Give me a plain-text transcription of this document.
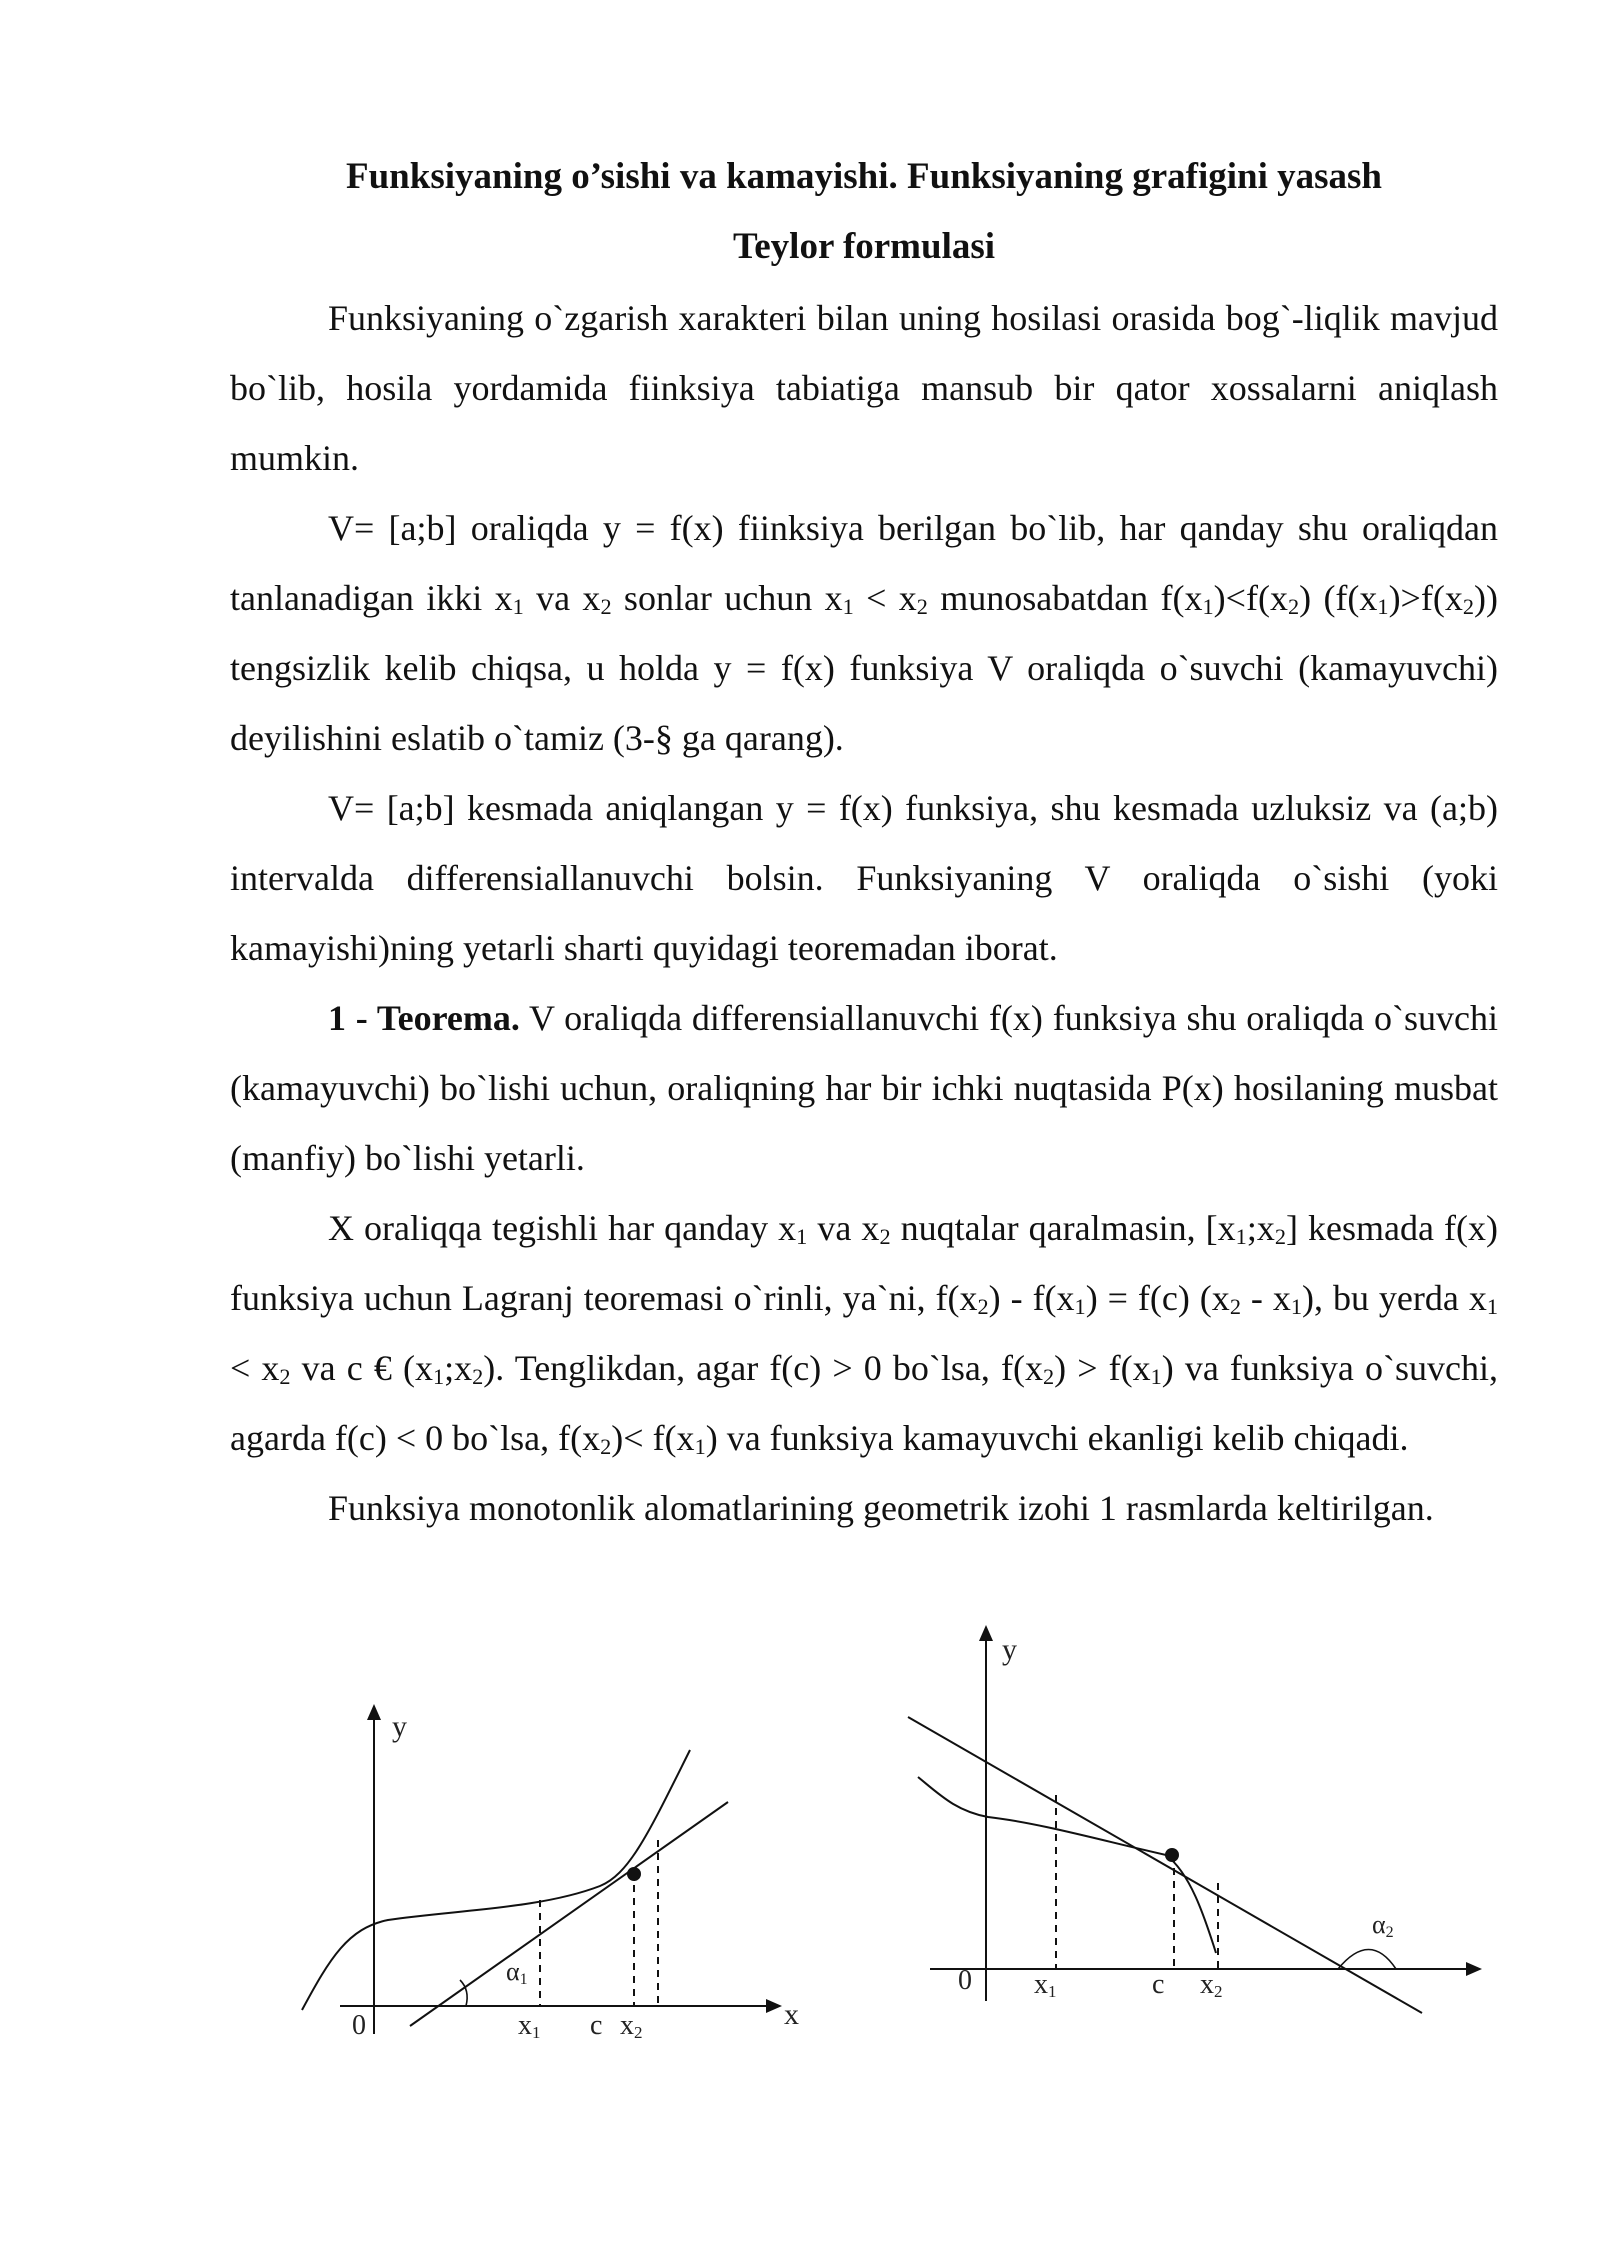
Funksiyaning o’sishi va kamayishi. Funksiyaning grafigini yasash
Teylor formulasi

Funksiyaning o`zgarish xarakteri bilan uning hosilasi orasida bog`-liqlik mavjud bo`lib, hosila yordamida fiinksiya tabiatiga mansub bir qator xossalarni aniqlash mumkin.

V= [a;b] oraliqda y = f(x) fiinksiya berilgan bo`lib, har qanday shu oraliqdan tanlanadigan ikki $x_1$ va $x_2$ sonlar uchun $x_1 < x_2$ munosabatdan $f(x_1)<f(x_2)$ $(f(x_1)>f(x_2))$ tengsizlik kelib chiqsa, u holda y = f(x) funksiya V oraliqda o`suvchi (kamayuvchi) deyilishini eslatib o`tamiz (3-§ ga qarang).

V= [a;b] kesmada aniqlangan y = f(x) funksiya, shu kesmada uzluksiz va (a;b) intervalda differensiallanuvchi bolsin. Funksiyaning V oraliqda o`sishi (yoki kamayishi)ning yetarli sharti quyidagi teoremadan iborat.

1 - Teorema. V oraliqda differensiallanuvchi f(x) funksiya shu oraliqda o`suvchi (kamayuvchi) bo`lishi uchun, oraliqning har bir ichki nuqtasida P(x) hosilaning musbat (manfiy) bo`lishi yetarli.

X oraliqqa tegishli har qanday $x_1$ va $x_2$ nuqtalar qaralmasin, $[x_1;x_2]$ kesmada f(x) funksiya uchun Lagranj teoremasi o`rinli, ya`ni, $f(x_2) - f(x_1) = f(c)$ $(x_2 - x_1)$, bu yerda $x_1 < x_2$ va c € $(x_1;x_2)$. Tenglikdan, agar f(c) > 0 bo`lsa, $f(x_2) > f(x_1)$ va funksiya o`suvchi, agarda f(c) < 0 bo`lsa, $f(x_2)< f(x_1)$ va funksiya kamayuvchi ekanligi kelib chiqadi.

Funksiya monotonlik alomatlarining geometrik izohi 1 rasmlarda keltirilgan.

y
x
0	x1 c x2
α1
y
0 x1	c x2
α2
